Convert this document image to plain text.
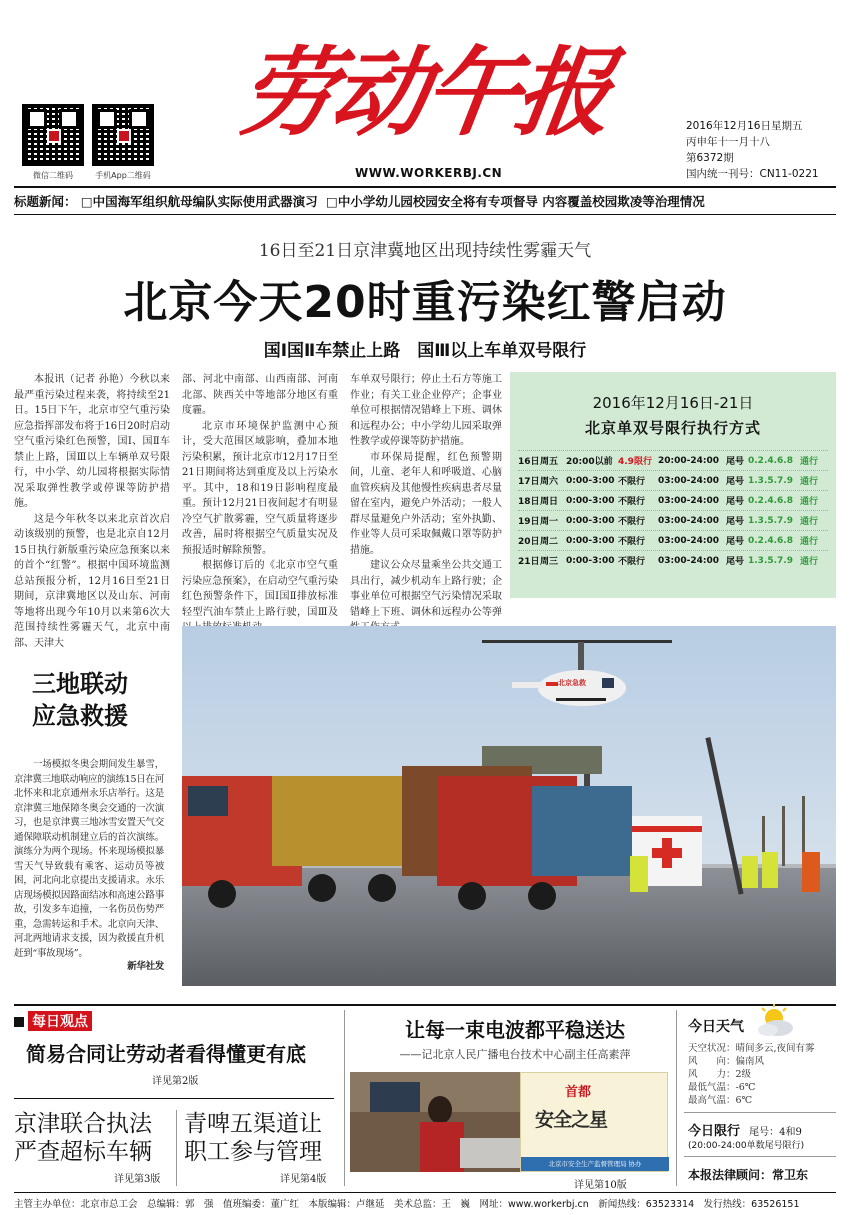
微信二维码	手机App二维码
劳动午报
WWW.WORKERBJ.CN
2016年12月16日星期五
丙申年十一月十八
第6372期
国内统一刊号：CN11-0221
标题新闻： □中国海军组织航母编队实际使用武器演习 □中小学幼儿园校园安全将有专项督导 内容覆盖校园欺凌等治理情况
16日至21日京津冀地区出现持续性雾霾天气
北京今天20时重污染红警启动
国Ⅰ国Ⅱ车禁止上路　国Ⅲ以上车单双号限行

本报讯（记者 孙艳）今秋以来最严重污染过程来袭，将持续至21日。15日下午，北京市空气重污染应急指挥部发布将于16日20时启动空气重污染红色预警，国Ⅰ、国Ⅱ车禁止上路，国Ⅲ以上车辆单双号限行，中小学、幼儿园将根据实际情况采取弹性教学或停课等防护措施。

这是今年秋冬以来北京首次启动该级别的预警，也是北京自12月15日执行新版重污染应急预案以来的首个“红警”。根据中国环境监测总站预报分析，12月16日至21日期间，京津冀地区以及山东、河南等地将出现今年10月以来第6次大范围持续性雾霾天气，北京中南部、天津大

部、河北中南部、山西南部、河南北部、陕西关中等地部分地区有重度霾。

北京市环境保护监测中心预计，受大范围区域影响，叠加本地污染积累，预计北京市12月17日至21日期间将达到重度及以上污染水平。其中，18和19日影响程度最重。预计12月21日夜间起才有明显冷空气扩散雾霾，空气质量将逐步改善，届时将根据空气质量实况及预报适时解除预警。

根据修订后的《北京市空气重污染应急预案》，在启动空气重污染红色预警条件下，国Ⅰ国Ⅱ排放标准轻型汽油车禁止上路行驶，国Ⅲ及

车单双号限行；停止土石方等施工作业；有关工业企业停产；企事业单位可根据情况错峰上下班、调休和远程办公；中小学幼儿园采取弹性教学或停课等防护措施。

市环保局提醒，红色预警期间，儿童、老年人和呼吸道、心脑血管疾病及其他慢性疾病患者尽量留在室内，避免户外活动；一般人群尽量避免户外活动；室外执勤、作业等人员可采取佩戴口罩等防护措施。

建议公众尽量乘坐公共交通工具出行，减少机动车上路行驶；企事业单位可根据空气污染情况采取错峰上下班、调休和远程办公等弹

2016年12月16日-21日
北京单双号限行执行方式
16日 周五 20:00以前 4.9限行 20:00-24:00 尾号 0.2.4.6.8 通行
17日 周六 0:00-3:00 不限行	03:00-24:00 尾号 1.3.5.7.9 通行
18日 周日 0:00-3:00 不限行	03:00-24:00 尾号 0.2.4.6.8 通行
19日 周一 0:00-3:00 不限行	03:00-24:00 尾号 1.3.5.7.9 通行
20日 周二 0:00-3:00 不限行	03:00-24:00 尾号 0.2.4.6.8 通行
21日 周三 0:00-3:00 不限行	03:00-24:00 尾号 1.3.5.7.9 通行
三地联动
应急救援

一场模拟冬奥会期间发生暴雪，京津冀三地联动响应的演练15日在河北怀来和北京通州永乐店举行。这是京津冀三地保障冬奥会交通的一次演习，也是京津冀三地冰雪安置天气交通保障联动机制建立后的首次演练。演练分为两个现场。怀来现场模拟暴雪天气导致载有乘客、运动员等被困，河北向北京提出支援请求。永乐店现场模拟因路面结冰和高速公路事故，引发多车追撞，一名伤员伤势严重，急需转运和手术。北京向天津、河北两地请求支援，因为救援直升机赶到“事故现场”。

新华社发
北京急救
每日观点
简易合同让劳动者看得懂更有底
详见第2版
京津联合执法
严查超标车辆
详见第3版
青啤五渠道让
职工参与管理
详见第4版
让每一束电波都平稳送达
——记北京人民广播电台技术中心副主任高素萍
首都
安全之星
北京市安全生产监督管理局 协办
详见第10版
今日天气
天空状况：晴间多云,夜间有雾
风　　向：偏南风
风　　力：2级
最低气温：-6℃
最高气温：6℃
今日限行 尾号：4和9
(20:00-24:00单数尾号限行)
本报法律顾问：常卫东
主管主办单位：北京市总工会　总编辑：郭　强　值班编委：董广红　本版编辑：卢继延　美术总监：王　巍　网址：www.workerbj.cn　新闻热线：63523314　发行热线：63526151
